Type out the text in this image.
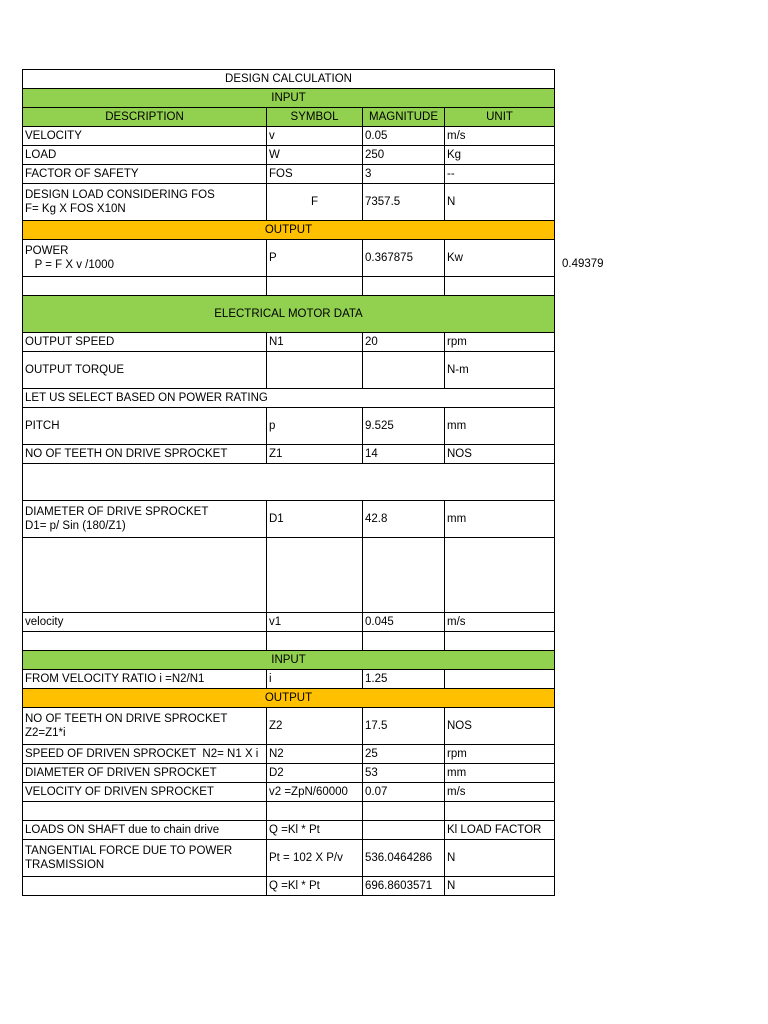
DESIGN CALCULATION			
INPUT			
DESCRIPTION	SYMBOL	MAGNITUDE	UNIT

VELOCITY	v	0.05	m/s

LOAD	W	250	Kg

FACTOR OF SAFETY	FOS	3	--

DESIGN LOAD CONSIDERING FOS
F= Kg X FOS X10N	F	7357.5	N
OUTPUT			

POWER
P = F X v /1000	P	0.367875	Kw

ELECTRICAL MOTOR DATA			

OUTPUT SPEED	N1	20	rpm

OUTPUT TORQUE			N-m
LET US SELECT BASED ON POWER RATING			

PITCH	p	9.525	mm

NO OF TEETH ON DRIVE SPROCKET	Z1	14	NOS

DIAMETER OF DRIVE SPROCKET
D1= p/ Sin (180/Z1)	D1	42.8	mm

velocity	v1	0.045	m/s

INPUT			

FROM VELOCITY RATIO i =N2/N1	i	1.25	
OUTPUT			

NO OF TEETH ON DRIVE SPROCKET
Z2=Z1*i	Z2	17.5	NOS

SPEED OF DRIVEN SPROCKET  N2= N1 X i	N2	25	rpm

DIAMETER OF DRIVEN SPROCKET	D2	53	mm

VELOCITY OF DRIVEN SPROCKET	v2 =ZpN/60000	0.07	m/s

LOADS ON SHAFT due to chain drive	Q =Kl * Pt		Kl LOAD FACTOR

TANGENTIAL FORCE DUE TO POWER
TRASMISSION	Pt = 102 X P/v	536.0464286	N
	Q =Kl * Pt	696.8603571	N
0.49379
